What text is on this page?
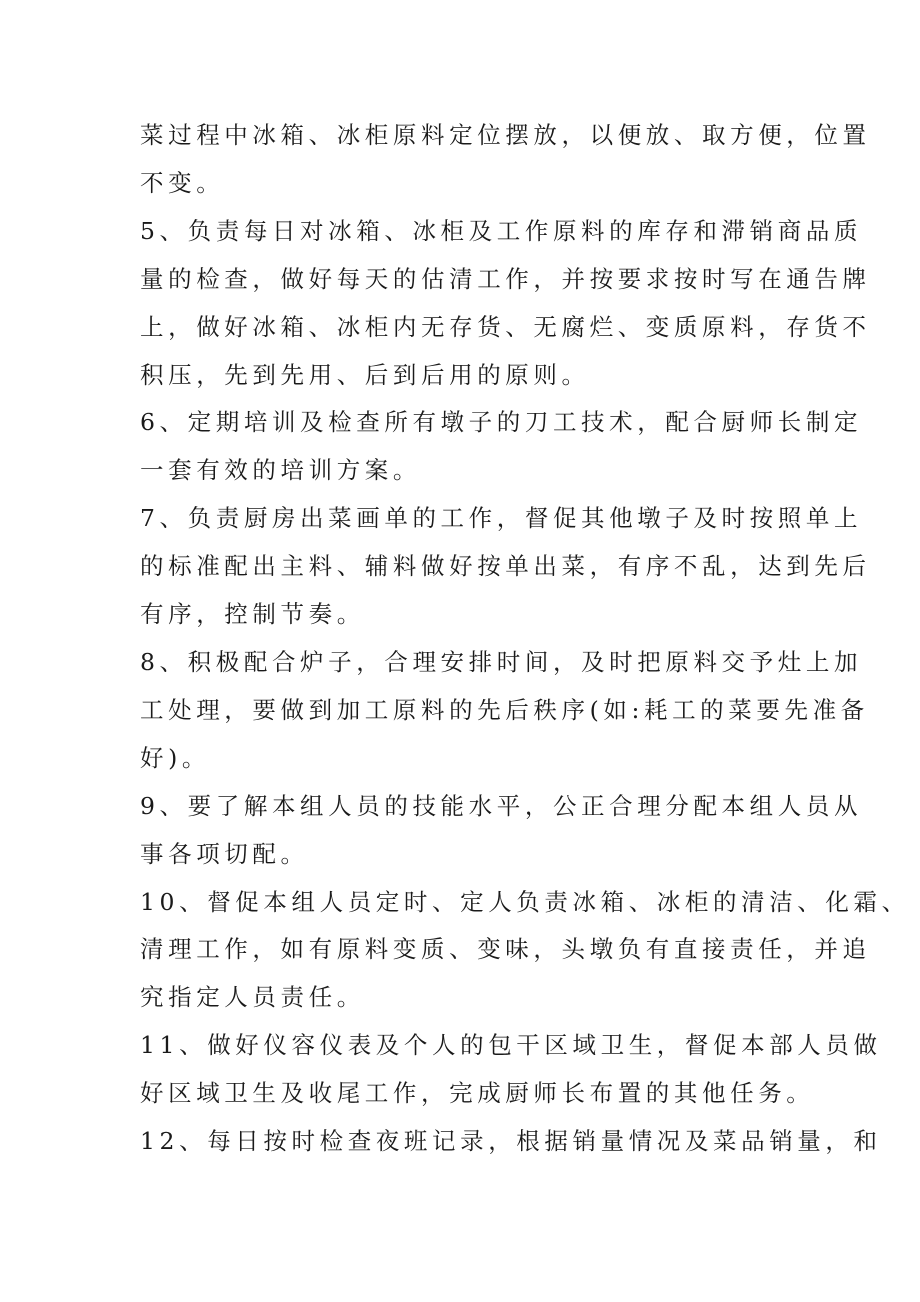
菜过程中冰箱、冰柜原料定位摆放，以便放、取方便，位置
不变。

5、负责每日对冰箱、冰柜及工作原料的库存和滞销商品质
量的检查，做好每天的估清工作，并按要求按时写在通告牌
上，做好冰箱、冰柜内无存货、无腐烂、变质原料，存货不
积压，先到先用、后到后用的原则。

6、定期培训及检查所有墩子的刀工技术，配合厨师长制定
一套有效的培训方案。

7、负责厨房出菜画单的工作，督促其他墩子及时按照单上
的标准配出主料、辅料做好按单出菜，有序不乱，达到先后
有序，控制节奏。

8、积极配合炉子，合理安排时间，及时把原料交予灶上加
工处理，要做到加工原料的先后秩序(如:耗工的菜要先准备
好)。

9、要了解本组人员的技能水平，公正合理分配本组人员从
事各项切配。

10、督促本组人员定时、定人负责冰箱、冰柜的清洁、化霜、
清理工作，如有原料变质、变味，头墩负有直接责任，并追
究指定人员责任。

11、做好仪容仪表及个人的包干区域卫生，督促本部人员做
好区域卫生及收尾工作，完成厨师长布置的其他任务。

12、每日按时检查夜班记录，根据销量情况及菜品销量，和
